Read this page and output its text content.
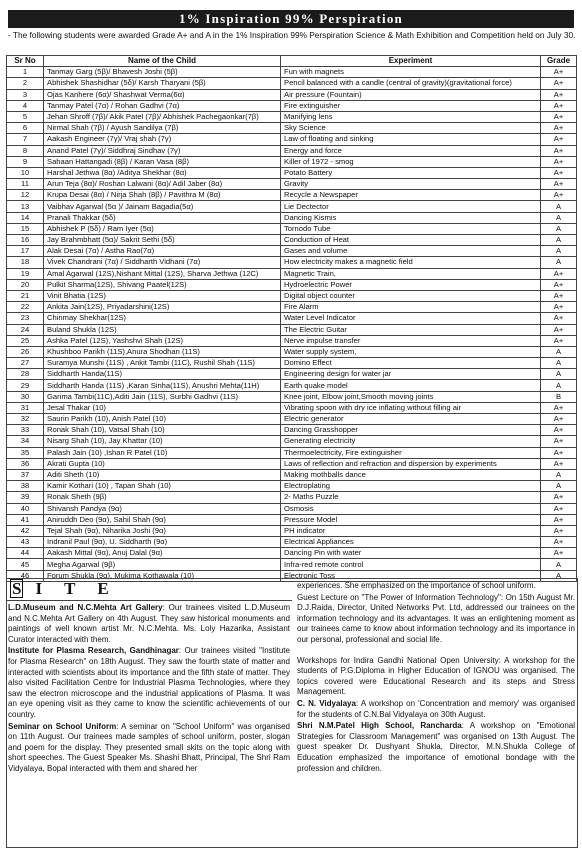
1% Inspiration 99% Perspiration
- The following students were awarded Grade A+ and A in the 1% Inspiration 99% Perspiration Science & Math Exhibition and Competition held on July 30.
Sr No	Name of the Child	Experiment	Grade
1	Tanmay Garg (5β)/ Bhavesh Joshi (5β)	Fun with magnets	A+
2	Abhishek Shashidhar (5δ)/ Karsh Tharyani (5β)	Pencil balanced with a candle (central of gravity)(gravitational force)	A+
3	Ojas Kanhere (6α)/ Shashwat Verma(6α)	Air pressure (Fountain)	A+
4	Tanmay Patel (7α) / Rohan Gadhvi (7α)	Fire extinguisher	A+
5	Jehan Shroff (7β)/ Akik Patel (7β)/ Abhishek Pachegaonkar(7β)	Manifying lens	A+
6	Nirmal Shah (7β) / Ayush Sandilya (7β)	Sky Science	A+
7	Aakash Engineer (7γ)/ Vraj shah (7γ)	Law of floating and sinking	A+
8	Anand Patel (7γ)/ Siddhraj Sindhav (7γ)	Energy and force	A+
9	Sahaan Hattangadi (8β) / Karan Vasa (8β)	Killer of 1972 - smog	A+
10	Harshal Jethwa (8α) /Aditya Shekhar (8α)	Potato Battery	A+
11	Arun Teja (8α)/ Roshan Lalwani (8α)/ Adil Jaber (8α)	Gravity	A+
12	Krupa Desai (8α) / Nirja Shah (8β) / Pavithra M (8α)	Recycle a Newspaper	A+
13	Vaibhav Agarwal (5α )/ Jainam Bagadia(5α)	Lie Dectector	A
14	Pranali Thakkar (5δ)	Dancing Kismis	A
15	Abhishek P (5δ) / Ram Iyer (5α)	Tornodo Tube	A
16	Jay Brahmbhatt (5α)/ Sakrit Sethi (5δ)	Conduction of Heat	A
17	Alak Desai (7α) / Astha Rao(7α)	Gases and volume	A
18	Vivek Chandrani (7α) / Siddharth Vidhani (7α)	How electricity makes a magnetic field	A
19	Amal Agarwal (12S),Nishant Mittal (12S), Sharva Jethwa (12C)	Magnetic Train,	A+
20	Pulkit Sharma(12S), Shivang Paatel(12S)	Hydroelectric Power	A+
21	Vinit Bhatia (12S)	Digital object counter	A+
22	Ankita Jain(12S), Priyadarshini(12S)	Fire Alarm	A+
23	Chinmay Shekhar(12S)	Water Level Indicator	A+
24	Buland Shukla (12S)	The Electric Guitar	A+
25	Ashka Patel (12S), Yashshvi Shah (12S)	Nerve impulse transfer	A+
26	Khushboo Parikh (11S),Anura Shodhan (11S)	Water supply system,	A
27	Suramya Munshi (11S) , Ankit Tambi (11C), Rushil Shah (11S)	Domino Effect	A
28	Siddharth Handa(11S)	Engineering design for water jar	A
29	Siddharth Handa (11S) ,Karan Sinha(11S), Anushri Mehta(11H)	Earth quake model	A
30	Garima Tambi(11C),Aditi Jain (11S), Surbhi Gadhvi (11S)	Knee joint, Elbow joint,Smooth moving joints	B
31	Jesal Thakar (10)	Vibrating spoon with dry ice inflating without filling air	A+
32	Saurin Parikh (10), Anish Patel (10)	Electric generator	A+
33	Ronak Shah (10), Vatsal Shah (10)	Dancing Grasshopper	A+
34	Nisarg Shah (10), Jay Khattar (10)	Generating electricity	A+
35	Palash Jain (10) ,Ishan R Patel (10)	Thermoelectricity, Fire extinguisher	A+
36	Akrati Gupta (10)	Laws of reflection and refraction and dispersion by experiments	A+
37	Aditi Sheth (10)	Making mothballs dance	A
38	Kamir Kothari (10) , Tapan Shah (10)	Electroplating	A
39	Ronak Sheth (9β)	2- Maths Puzzle	A+
40	Shivansh Pandya (9α)	Osmosis	A+
41	Aniruddh Deo (9α), Sahil Shah (9α)	Pressure Model	A+
42	Tejal Shah (9α), Niharika Joshi (9α)	PH indicator	A+
43	Indranil Paul (9α), U. Siddharth (9α)	Electrical Appliances	A+
44	Aakash Mittal (9α), Anuj Dalal (9α)	Dancing Pin with water	A+
45	Megha Agarwal (9β)	Infra-red remote control	A
46	Forum Shukla (9α), Mukima Kothawala (10)	Electronic Toss	A
S ITE

L.D.Museum and N.C.Mehta Art Gallery: Our trainees visited L.D.Museum and N.C.Mehta Art Gallery on 4th August. They saw historical monuments and paintings of well known artist Mr. N.C.Mehta. Ms. Loly Hazarika, Assistant Curator interacted with them.

Institute for Plasma Research, Gandhinagar: Our trainees visited "Institute for Plasma Research" on 18th August. They saw the fourth state of matter and interacted with scientists about its importance and the fifth state of matter. They also visited Facilitation Centre for Industrial Plasma Technologies, where they saw the electron microscope and the industrial applications of Plasma. It was an eye opening visit as they came to know the scientific achievements of our country.

Seminar on School Uniform: A seminar on "School Uniform" was organised on 11th August. Our trainees made samples of school uniform, poster, slogan and poem for the display. They presented small skits on the topic along with short speeches. The Guest Speaker Ms. Shashi Bhatt, Principal, The Shri Ram Vidyalaya, Bopal interacted with them and shared her

experiences. She emphasized on the importance of school uniform.

Guest Lecture on "The Power of Information Technology": On 15th August Mr. D.J.Raida, Director, United Networks Pvt. Ltd, addressed our trainees on the information technology and its advantages. It was an enlightening moment as our trainees came to know about information technology and its importance in our personal, professional and social life.

Workshops for Indira Gandhi National Open University: A workshop for the students of P.G.Diploma in Higher Education of IGNOU was organised. The topics covered were Educational Research and its steps and Stress Management.

C. N. Vidyalaya: A workshop on 'Concentration and memory' was organised for the students of C.N.Bal Vidyalaya on 30th August.

Shri N.M.Patel High School, Rancharda: A workshop on "Emotional Strategies for Classroom Management" was organised on 13th August. The guest speaker Dr. Dushyant Shukla, Director, M.N.Shukla College of Education emphasized the importance of emotional bondage with the profession and children.
